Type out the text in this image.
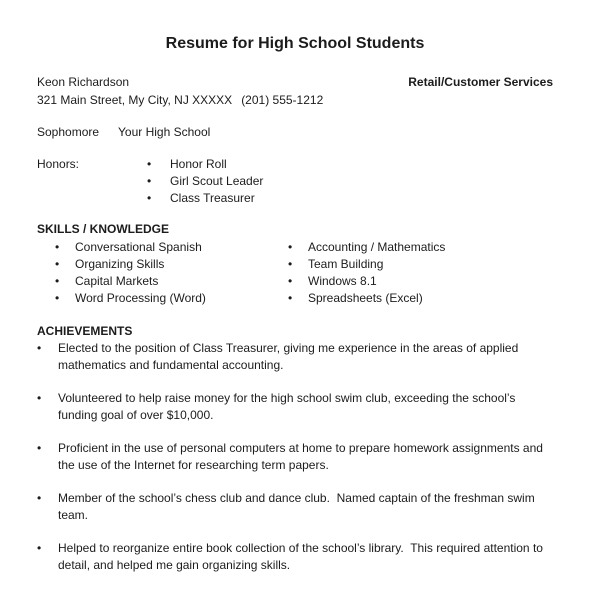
Resume for High School Students
Keon Richardson	Retail/Customer Services
321 Main Street, My City, NJ XXXXX (201) 555-1212
Sophomore Your High School
Honors:	•	Honor Roll
•	Girl Scout Leader
•	Class Treasurer
SKILLS / KNOWLEDGE
•	Conversational Spanish
•	Organizing Skills
•	Capital Markets
•	Word Processing (Word)
•	Accounting / Mathematics
•	Team Building
•	Windows 8.1
•	Spreadsheets (Excel)
ACHIEVEMENTS
•	Elected to the position of Class Treasurer, giving me experience in the areas of applied mathematics and fundamental accounting.
•	Volunteered to help raise money for the high school swim club, exceeding the school’s funding goal of over $10,000.
•	Proficient in the use of personal computers at home to prepare homework assignments and the use of the Internet for researching term papers.
•	Member of the school’s chess club and dance club.  Named captain of the freshman swim team.
•	Helped to reorganize entire book collection of the school’s library.  This required attention to detail, and helped me gain organizing skills.
